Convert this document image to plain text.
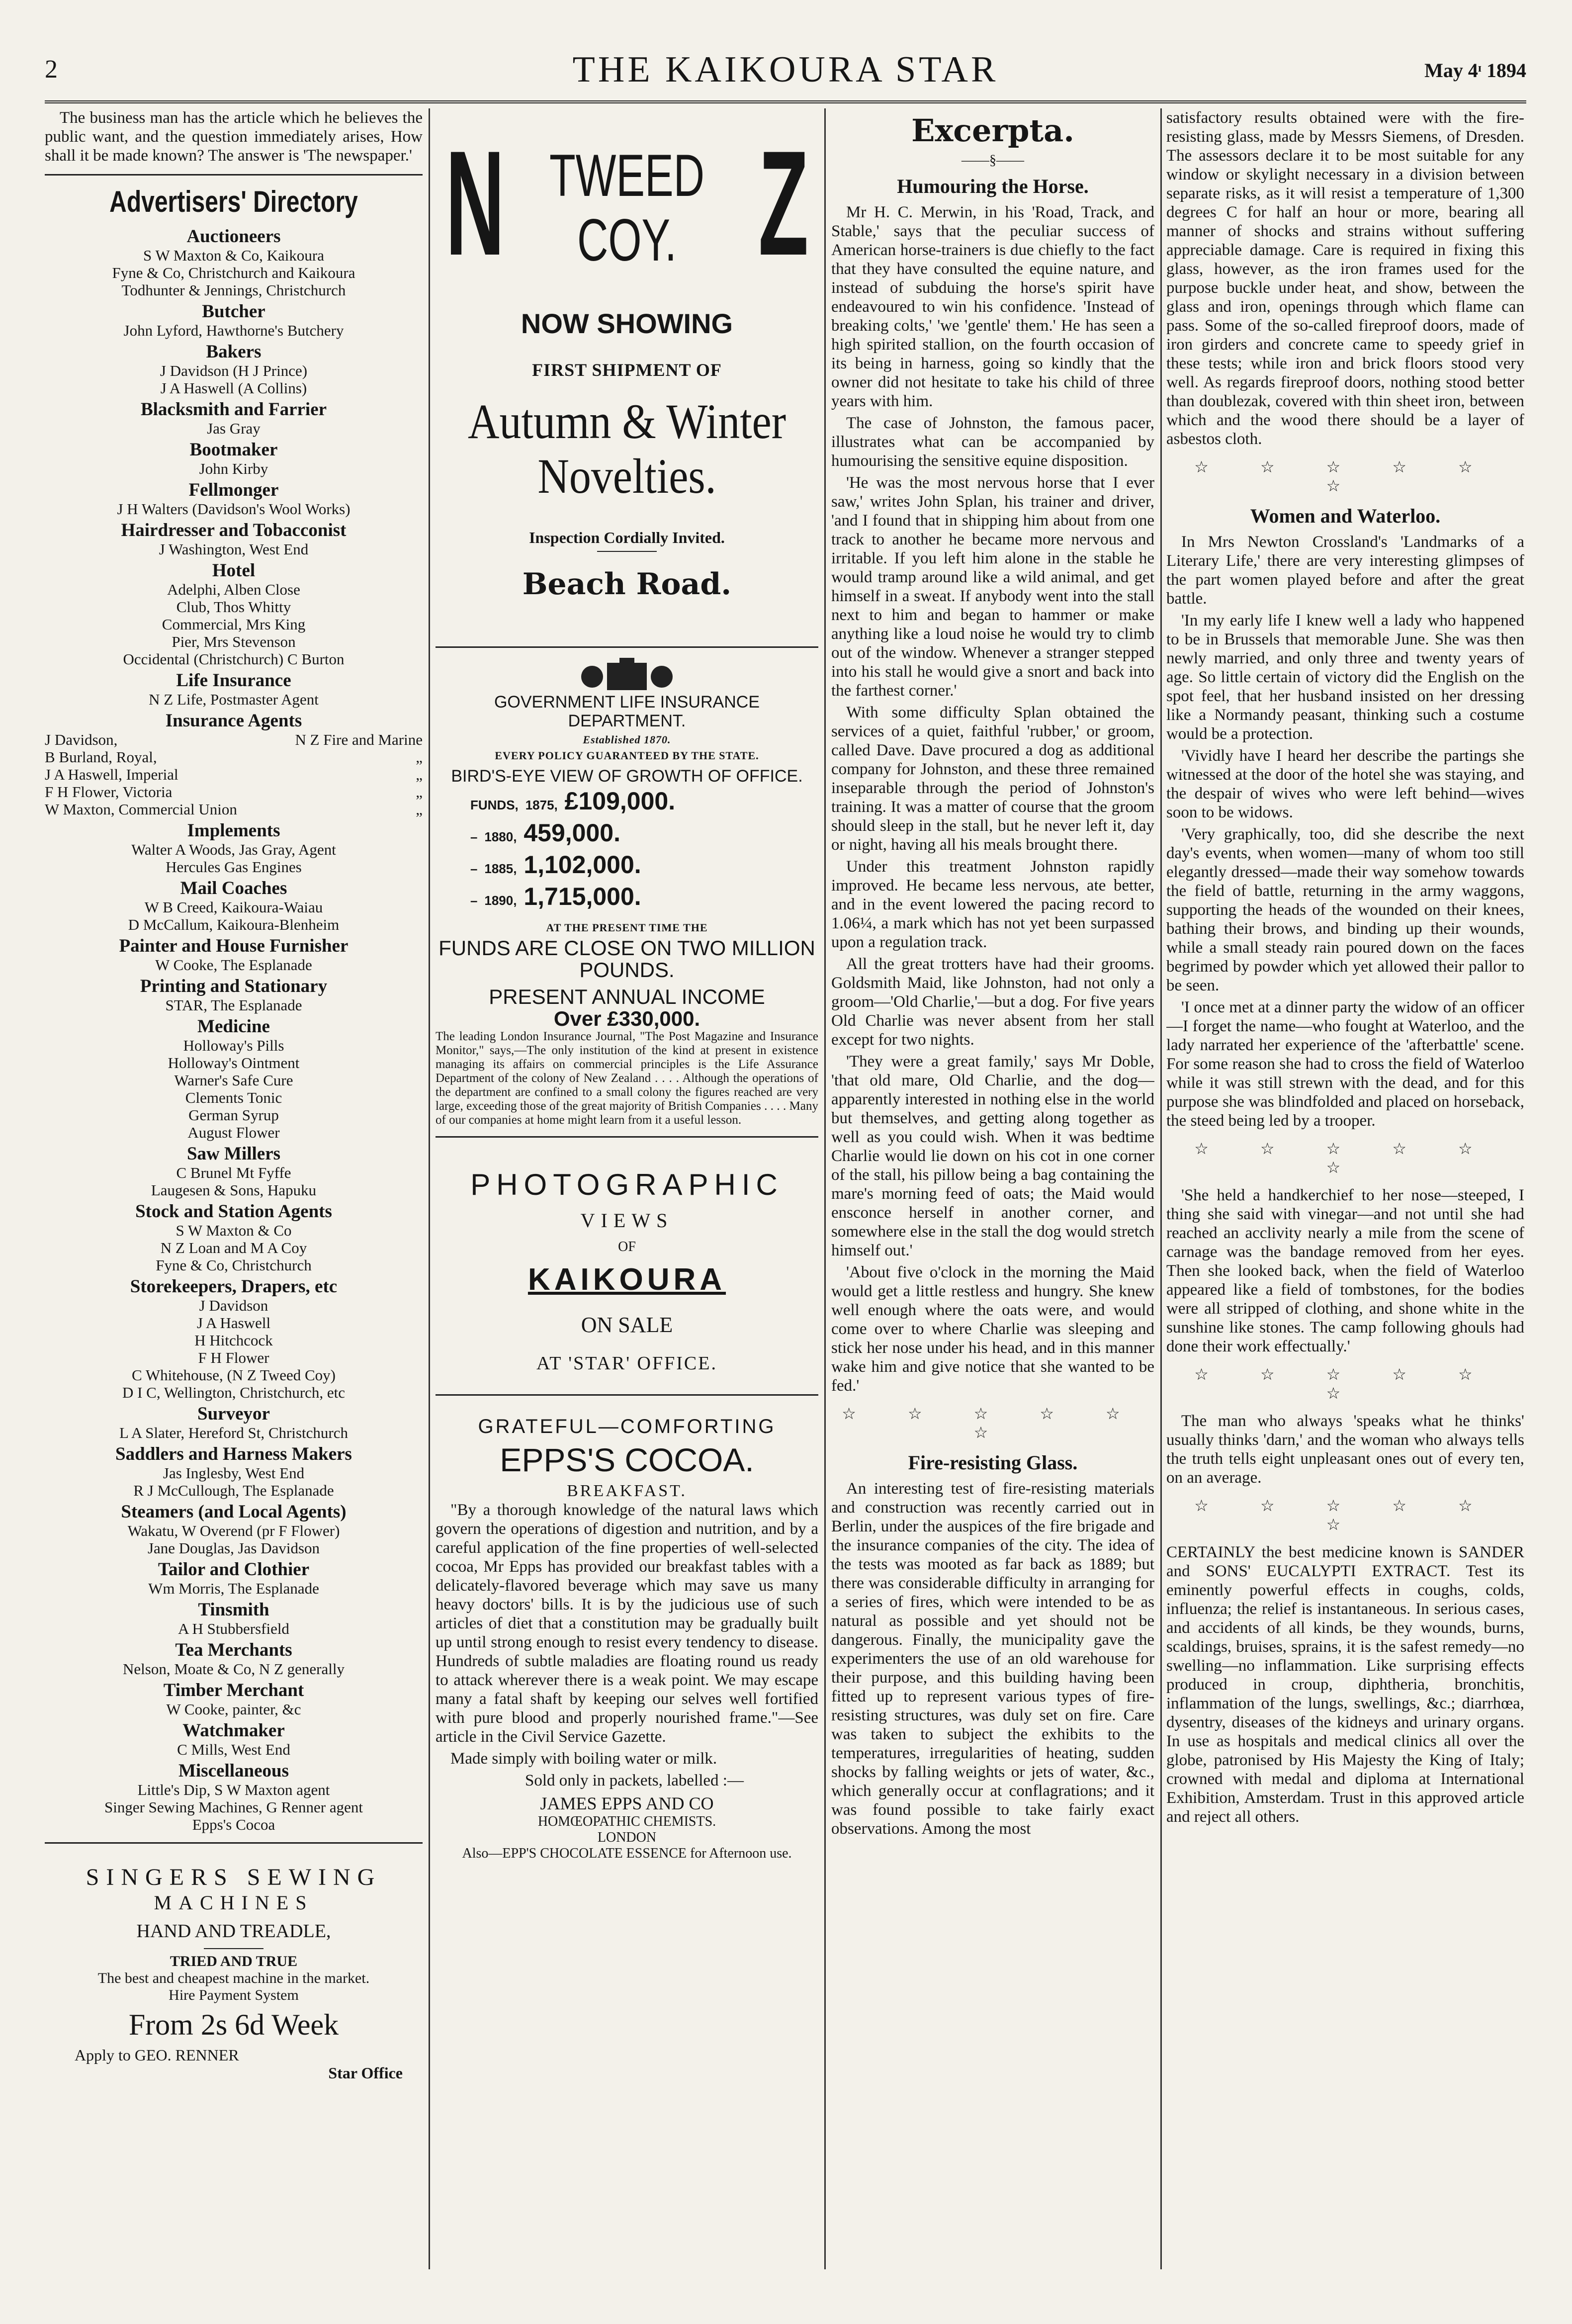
2	THE KAIKOURA STAR	May 4ᶦ 1894

The business man has the article which he believes the public want, and the question immediately arises, How shall it be made known? The answer is 'The newspaper.'

Advertisers' Directory
Auctioneers
S W Maxton & Co, Kaikoura
Fyne & Co, Christchurch and Kaikoura
Todhunter & Jennings, Christchurch
Butcher
John Lyford, Hawthorne's Butchery
Bakers
J Davidson (H J Prince)
J A Haswell (A Collins)
Blacksmith and Farrier
Jas Gray
Bootmaker
John Kirby
Fellmonger
J H Walters (Davidson's Wool Works)
Hairdresser and Tobacconist
J Washington, West End
Hotel
Adelphi, Alben Close
Club, Thos Whitty
Commercial, Mrs King
Pier, Mrs Stevenson
Occidental (Christchurch) C Burton
Life Insurance
N Z Life, Postmaster Agent
Insurance Agents
J Davidson,	N Z Fire and Marine
B Burland, Royal,	„
J A Haswell, Imperial	„
F H Flower, Victoria	„
W Maxton, Commercial Union	„
Implements
Walter A Woods, Jas Gray, Agent
Hercules Gas Engines
Mail Coaches
W B Creed, Kaikoura-Waiau
D McCallum, Kaikoura-Blenheim
Painter and House Furnisher
W Cooke, The Esplanade
Printing and Stationary
STAR, The Esplanade
Medicine
Holloway's Pills
Holloway's Ointment
Warner's Safe Cure
Clements Tonic
German Syrup
August Flower
Saw Millers
C Brunel Mt Fyffe
Laugesen & Sons, Hapuku
Stock and Station Agents
S W Maxton & Co
N Z Loan and M A Coy
Fyne & Co, Christchurch
Storekeepers, Drapers, etc
J Davidson
J A Haswell
H Hitchcock
F H Flower
C Whitehouse, (N Z Tweed Coy)
D I C, Wellington, Christchurch, etc
Surveyor
L A Slater, Hereford St, Christchurch
Saddlers and Harness Makers
Jas Inglesby, West End
R J McCullough, The Esplanade
Steamers (and Local Agents)
Wakatu, W Overend (pr F Flower)
Jane Douglas, Jas Davidson
Tailor and Clothier
Wm Morris, The Esplanade
Tinsmith
A H Stubbersfield
Tea Merchants
Nelson, Moate & Co, N Z generally
Timber Merchant
W Cooke, painter, &c
Watchmaker
C Mills, West End
Miscellaneous
Little's Dip, S W Maxton agent
Singer Sewing Machines, G Renner agent
Epps's Cocoa
SINGERS SEWING
MACHINES
HAND AND TREADLE,
TRIED AND TRUE
The best and cheapest machine in the market.
Hire Payment System
From 2s 6d Week
Apply to GEO. RENNER
Star Office
N TWEED COY. Z
NOW SHOWING
FIRST SHIPMENT OF
Autumn & Winter
Novelties.
Inspection Cordially Invited.
Beach Road.
GOVERNMENT LIFE INSURANCE DEPARTMENT.
Established 1870.
EVERY POLICY GUARANTEED BY THE STATE.
BIRD'S-EYE VIEW OF GROWTH OF OFFICE.
FUNDS, 1875, £109,000.
– 1880, 459,000.
– 1885, 1,102,000.
– 1890, 1,715,000.
AT THE PRESENT TIME THE
FUNDS ARE CLOSE ON TWO MILLION POUNDS.
PRESENT ANNUAL INCOME
Over £330,000.
The leading London Insurance Journal, "The Post Magazine and Insurance Monitor," says,—The only institution of the kind at present in existence managing its affairs on commercial principles is the Life Assurance Department of the colony of New Zealand . . . . Although the operations of the department are confined to a small colony the figures reached are very large, exceeding those of the great majority of British Companies . . . . Many of our companies at home might learn from it a useful lesson.
PHOTOGRAPHIC
VIEWS
OF
KAIKOURA
ON SALE
AT 'STAR' OFFICE.
GRATEFUL—COMFORTING
EPPS'S COCOA.
BREAKFAST.

"By a thorough knowledge of the natural laws which govern the operations of digestion and nutrition, and by a careful application of the fine properties of well-selected cocoa, Mr Epps has provided our breakfast tables with a delicately-flavored beverage which may save us many heavy doctors' bills. It is by the judicious use of such articles of diet that a constitution may be gradually built up until strong enough to resist every tendency to disease. Hundreds of subtle maladies are floating round us ready to attack wherever there is a weak point. We may escape many a fatal shaft by keeping our selves well fortified with pure blood and properly nourished frame."—See article in the Civil Service Gazette.

Made simply with boiling water or milk.

Sold only in packets, labelled :—

JAMES EPPS AND CO
HOMŒOPATHIC CHEMISTS.
LONDON
Also—EPP'S CHOCOLATE ESSENCE for Afternoon use.
Excerpta.
——§——
Humouring the Horse.

Mr H. C. Merwin, in his 'Road, Track, and Stable,' says that the peculiar success of American horse-trainers is due chiefly to the fact that they have consulted the equine nature, and instead of subduing the horse's spirit have endeavoured to win his confidence. 'Instead of breaking colts,' 'we 'gentle' them.' He has seen a high spirited stallion, on the fourth occasion of its being in harness, going so kindly that the owner did not hesitate to take his child of three years with him.

The case of Johnston, the famous pacer, illustrates what can be accompanied by humourising the sensitive equine disposition.

'He was the most nervous horse that I ever saw,' writes John Splan, his trainer and driver, 'and I found that in shipping him about from one track to another he became more nervous and irritable. If you left him alone in the stable he would tramp around like a wild animal, and get himself in a sweat. If anybody went into the stall next to him and began to hammer or make anything like a loud noise he would try to climb out of the window. Whenever a stranger stepped into his stall he would give a snort and back into the farthest corner.'

With some difficulty Splan obtained the services of a quiet, faithful 'rubber,' or groom, called Dave. Dave procured a dog as additional company for Johnston, and these three remained inseparable through the period of Johnston's training. It was a matter of course that the groom should sleep in the stall, but he never left it, day or night, having all his meals brought there.

Under this treatment Johnston rapidly improved. He became less nervous, ate better, and in the event lowered the pacing record to 1.06¼, a mark which has not yet been surpassed upon a regulation track.

All the great trotters have had their grooms. Goldsmith Maid, like Johnston, had not only a groom—'Old Charlie,'—but a dog. For five years Old Charlie was never absent from her stall except for two nights.

'They were a great family,' says Mr Doble, 'that old mare, Old Charlie, and the dog—apparently interested in nothing else in the world but themselves, and getting along together as well as you could wish. When it was bedtime Charlie would lie down on his cot in one corner of the stall, his pillow being a bag containing the mare's morning feed of oats; the Maid would ensconce herself in another corner, and somewhere else in the stall the dog would stretch himself out.'

'About five o'clock in the morning the Maid would get a little restless and hungry. She knew well enough where the oats were, and would come over to where Charlie was sleeping and stick her nose under his head, and in this manner wake him and give notice that she wanted to be fed.'

☆ ☆ ☆ ☆ ☆ ☆
Fire-resisting Glass.

An interesting test of fire-resisting materials and construction was recently carried out in Berlin, under the auspices of the fire brigade and the insurance companies of the city. The idea of the tests was mooted as far back as 1889; but there was considerable difficulty in arranging for a series of fires, which were intended to be as natural as possible and yet should not be dangerous. Finally, the municipality gave the experimenters the use of an old warehouse for their purpose, and this building having been fitted up to represent various types of fire-resisting structures, was duly set on fire. Care was taken to subject the exhibits to the temperatures, irregularities of heating, sudden shocks by falling weights or jets of water, &c., which generally occur at conflagrations; and it was found possible to take fairly exact observations. Among the most

satisfactory results obtained were with the fire-resisting glass, made by Messrs Siemens, of Dresden. The assessors declare it to be most suitable for any window or skylight necessary in a division between separate risks, as it will resist a temperature of 1,300 degrees C for half an hour or more, bearing all manner of shocks and strains without suffering appreciable damage. Care is required in fixing this glass, however, as the iron frames used for the purpose buckle under heat, and show, between the glass and iron, openings through which flame can pass. Some of the so-called fireproof doors, made of iron girders and concrete came to speedy grief in these tests; while iron and brick floors stood very well. As regards fireproof doors, nothing stood better than doublezak, covered with thin sheet iron, between which and the wood there should be a layer of asbestos cloth.

☆ ☆ ☆ ☆ ☆ ☆
Women and Waterloo.

In Mrs Newton Crossland's 'Landmarks of a Literary Life,' there are very interesting glimpses of the part women played before and after the great battle.

'In my early life I knew well a lady who happened to be in Brussels that memorable June. She was then newly married, and only three and twenty years of age. So little certain of victory did the English on the spot feel, that her husband insisted on her dressing like a Normandy peasant, thinking such a costume would be a protection.

'Vividly have I heard her describe the partings she witnessed at the door of the hotel she was staying, and the despair of wives who were left behind—wives soon to be widows.

'Very graphically, too, did she describe the next day's events, when women—many of whom too still elegantly dressed—made their way somehow towards the field of battle, returning in the army waggons, supporting the heads of the wounded on their knees, bathing their brows, and binding up their wounds, while a small steady rain poured down on the faces begrimed by powder which yet allowed their pallor to be seen.

'I once met at a dinner party the widow of an officer—I forget the name—who fought at Waterloo, and the lady narrated her experience of the 'afterbattle' scene. For some reason she had to cross the field of Waterloo while it was still strewn with the dead, and for this purpose she was blindfolded and placed on horseback, the steed being led by a trooper.

☆ ☆ ☆ ☆ ☆ ☆

'She held a handkerchief to her nose—steeped, I thing she said with vinegar—and not until she had reached an acclivity nearly a mile from the scene of carnage was the bandage removed from her eyes. Then she looked back, when the field of Waterloo appeared like a field of tombstones, for the bodies were all stripped of clothing, and shone white in the sunshine like stones. The camp following ghouls had done their work effectually.'

☆ ☆ ☆ ☆ ☆ ☆

The man who always 'speaks what he thinks' usually thinks 'darn,' and the woman who always tells the truth tells eight unpleasant ones out of every ten, on an average.

☆ ☆ ☆ ☆ ☆ ☆

CERTAINLY the best medicine known is SANDER and SONS' EUCALYPTI EXTRACT. Test its eminently powerful effects in coughs, colds, influenza; the relief is instantaneous. In serious cases, and accidents of all kinds, be they wounds, burns, scaldings, bruises, sprains, it is the safest remedy—no swelling—no inflammation. Like surprising effects produced in croup, diphtheria, bronchitis, inflammation of the lungs, swellings, &c.; diarrhœa, dysentry, diseases of the kidneys and urinary organs. In use as hospitals and medical clinics all over the globe, patronised by His Majesty the King of Italy; crowned with medal and diploma at International Exhibition, Amsterdam. Trust in this approved article and reject all others.
